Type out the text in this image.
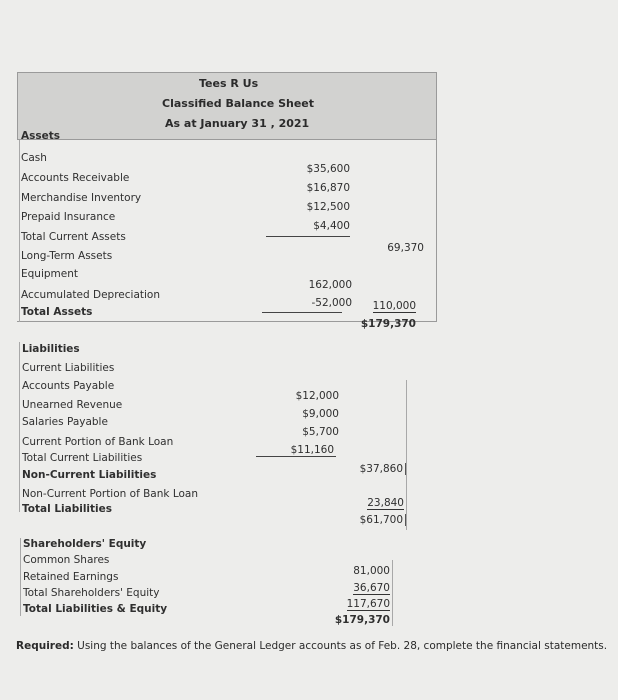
Tees R Us
Classified Balance Sheet
As at January 31 , 2021
Assets
Cash
Accounts Receivable
Merchandise Inventory
Prepaid Insurance
Total Current Assets
Long-Term Assets
Equipment
Accumulated Depreciation
Total Assets
$35,600
$16,870
$12,500
$4,400
69,370
162,000
-52,000 110,000
$179,370
Liabilities
Current Liabilities
Accounts Payable
Unearned Revenue
Salaries Payable
Current Portion of Bank Loan
Total Current Liabilities
Non-Current Liabilities
Non-Current Portion of Bank Loan
Total Liabilities
$12,000
$9,000
$5,700
$11,160
$37,860
23,840
$61,700
Shareholders' Equity
Common Shares
Retained Earnings
Total Shareholders' Equity
Total Liabilities & Equity
81,000
36,670
117,670
$179,370
Required: Using the balances of the General Ledger accounts as of Feb. 28, complete the financial statements.
